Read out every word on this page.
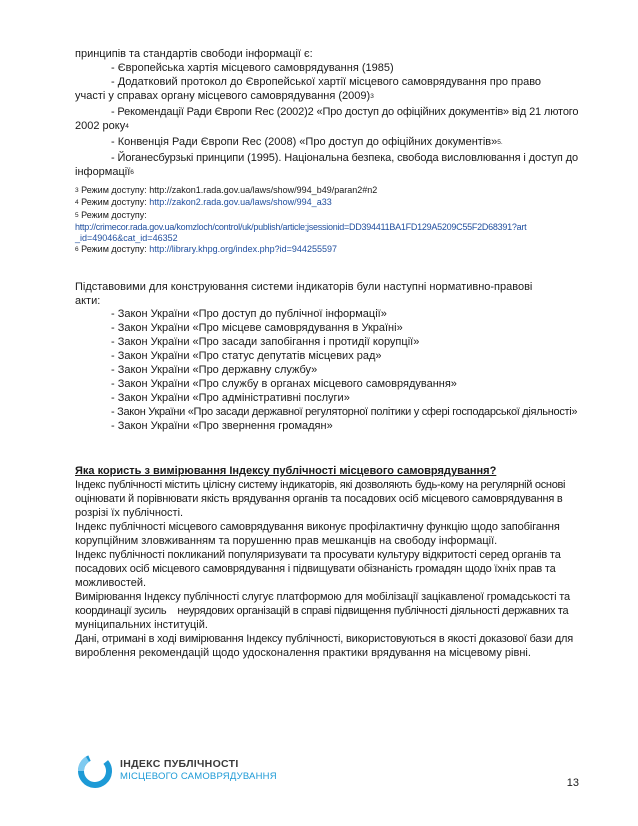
принципів та стандартів свободи інформації є:
- Європейська хартія місцевого самоврядування (1985)
- Додатковий протокол до Європейської хартії місцевого самоврядування про право
участі у справах органу місцевого самоврядування $(2009)^3$
- Рекомендації Ради Європи Rec (2002)2 «Про доступ до офіційних документів» від 21 лютого
2002 року$^4$
- Конвенція Ради Європи Rec (2008) «Про доступ до офіційних документів»$^{5.}$
- Йоганесбурзькі принципи (1995). Національна безпека, свобода висловлювання і доступ до
інформації$^6$
$^3$ Режим доступу: http://zakon1.rada.gov.ua/laws/show/994_b49/paran2#n2
$^4$ Режим доступу: http://zakon2.rada.gov.ua/laws/show/994_a33
$^5$ Режим доступу:
http://crimecor.rada.gov.ua/komzloch/control/uk/publish/article;jsessionid=DD394411BA1FD129A5209C55F2D68391?art
_id=49046&cat_id=46352
$^6$ Режим доступу: http://library.khpg.org/index.php?id=944255597
Підставовими для конструювання системи індикаторів були наступні нормативно-правові
акти:
- Закон України «Про доступ до публічної інформації»
- Закон України «Про місцеве самоврядування в Україні»
- Закон України «Про засади запобігання і протидії корупції»
- Закон України «Про статус депутатів місцевих рад»
- Закон України «Про державну службу»
- Закон України «Про службу в органах місцевого самоврядування»
- Закон України «Про адміністративні послуги»
- Закон України «Про засади державної регуляторної політики у сфері господарської діяльності»
- Закон України «Про звернення громадян»
Яка користь з вимірювання Індексу публічності місцевого самоврядування?
Індекс публічності містить цілісну систему індикаторів, які дозволяють будь-кому на регулярній основі
оцінювати й порівнювати якість врядування органів та посадових осіб місцевого самоврядування в
розрізі їх публічності.
Індекс публічності місцевого самоврядування виконує профілактичну функцію щодо запобігання
корупційним зловживанням та порушенню прав мешканців на свободу інформації.
Індекс публічності покликаний популяризувати та просувати культуру відкритості серед органів та
посадових осіб місцевого самоврядування і підвищувати обізнаність громадян щодо їхніх прав та
можливостей.
Вимірювання Індексу публічності слугує платформою для мобілізації зацікавленої громадськості та
координації зусиль    неурядових організацій в справі підвищення публічності діяльності державних та
муніципальних інституцій.
Дані, отримані в ході вимірювання Індексу публічності, використовуються в якості доказової бази для
вироблення рекомендацій щодо удосконалення практики врядування на місцевому рівні.
ІНДЕКС ПУБЛІЧНОСТІ
МІСЦЕВОГО САМОВРЯДУВАННЯ
13
